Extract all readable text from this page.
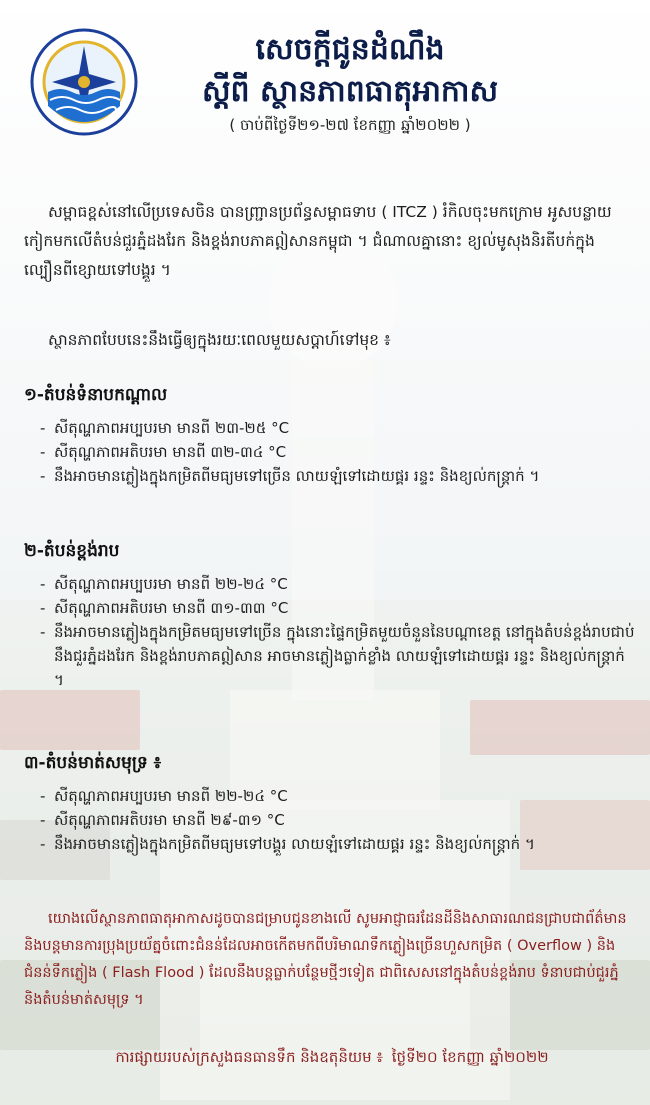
សេចក្តីជូនដំណឹង
ស្តីពី ស្ថានភាពធាតុអាកាស
( ចាប់ពីថ្ងៃទី២១-២៧ ខែកញ្ញា ឆ្នាំ២០២២ )
សម្ពាធខ្ពស់នៅលើប្រទេសចិន បានញ្ជ្រានប្រព័ន្ធសម្ពាធទាប ( ITCZ ) រំកិលចុះមកក្រោម អូសបន្លាយកៀកមកលើតំបន់ជួរភ្នំដងរែក និងខ្ពង់រាបភាគឦសានកម្ពុជា ។ ជំណាលគ្នានោះ ខ្យល់មូសុងនិរតីបក់ក្នុងល្បឿនពីខ្សោយទៅបង្គួរ ។
ស្ថានភាពបែបនេះនឹងធ្វើឲ្យក្នុងរយៈពេលមួយសប្តាហ៍ទៅមុខ ៖
១-តំបន់ទំនាបកណ្តាល
- សីតុណ្ហភាពអប្បបរមា មានពី ២៣-២៥ °C
- សីតុណ្ហភាពអតិបរមា មានពី ៣២-៣៤ °C
- នឹងអាចមានភ្លៀងក្នុងកម្រិតពីមធ្យមទៅច្រើន លាយឡំទៅដោយផ្គរ រន្ទះ និងខ្យល់កន្ត្រាក់ ។
២-តំបន់ខ្ពង់រាប
- សីតុណ្ហភាពអប្បបរមា មានពី ២២-២៤ °C
- សីតុណ្ហភាពអតិបរមា មានពី ៣១-៣៣ °C
- នឹងអាចមានភ្លៀងក្នុងកម្រិតមធ្យមទៅច្រើន ក្នុងនោះផ្ទៃកម្រិតមួយចំនួននៃបណ្តាខេត្ត នៅក្នុងតំបន់ខ្ពង់រាបជាប់នឹងជួរភ្នំដងរែក និងខ្ពង់រាបភាគឦសាន អាចមានភ្លៀងធ្លាក់ខ្លាំង លាយឡំទៅដោយផ្គរ រន្ទះ និងខ្យល់កន្ត្រាក់ ។
៣-តំបន់មាត់សមុទ្រ ៖
- សីតុណ្ហភាពអប្បបរមា មានពី ២២-២៤ °C
- សីតុណ្ហភាពអតិបរមា មានពី ២៩-៣១ °C
- នឹងអាចមានភ្លៀងក្នុងកម្រិតពីមធ្យមទៅបង្គួរ លាយឡំទៅដោយផ្គរ រន្ទះ និងខ្យល់កន្ត្រាក់ ។
យោងលើស្ថានភាពធាតុអាកាសដូចបានជម្រាបជូនខាងលើ សូមអាជ្ញាធរដែនដីនិងសាធារណជនជ្រាបជាព័ត៌មាននិងបន្តមានការប្រុងប្រយ័ត្នចំពោះជំនន់ដែលអាចកើតមកពីបរិមាណទឹកភ្លៀងច្រើនហួសកម្រិត ( Overflow ) និងជំនន់ទឹកភ្លៀង ( Flash Flood ) ដែលនឹងបន្តធ្លាក់បន្ថែមថ្មីៗទៀត ជាពិសេសនៅក្នុងតំបន់ខ្ពង់រាប ទំនាបជាប់ជួរភ្នំ និងតំបន់មាត់សមុទ្រ ។
ការផ្សាយរបស់ក្រសួងធនធានទឹក និងឧតុនិយម ៖ ថ្ងៃទី២០ ខែកញ្ញា ឆ្នាំ២០២២
